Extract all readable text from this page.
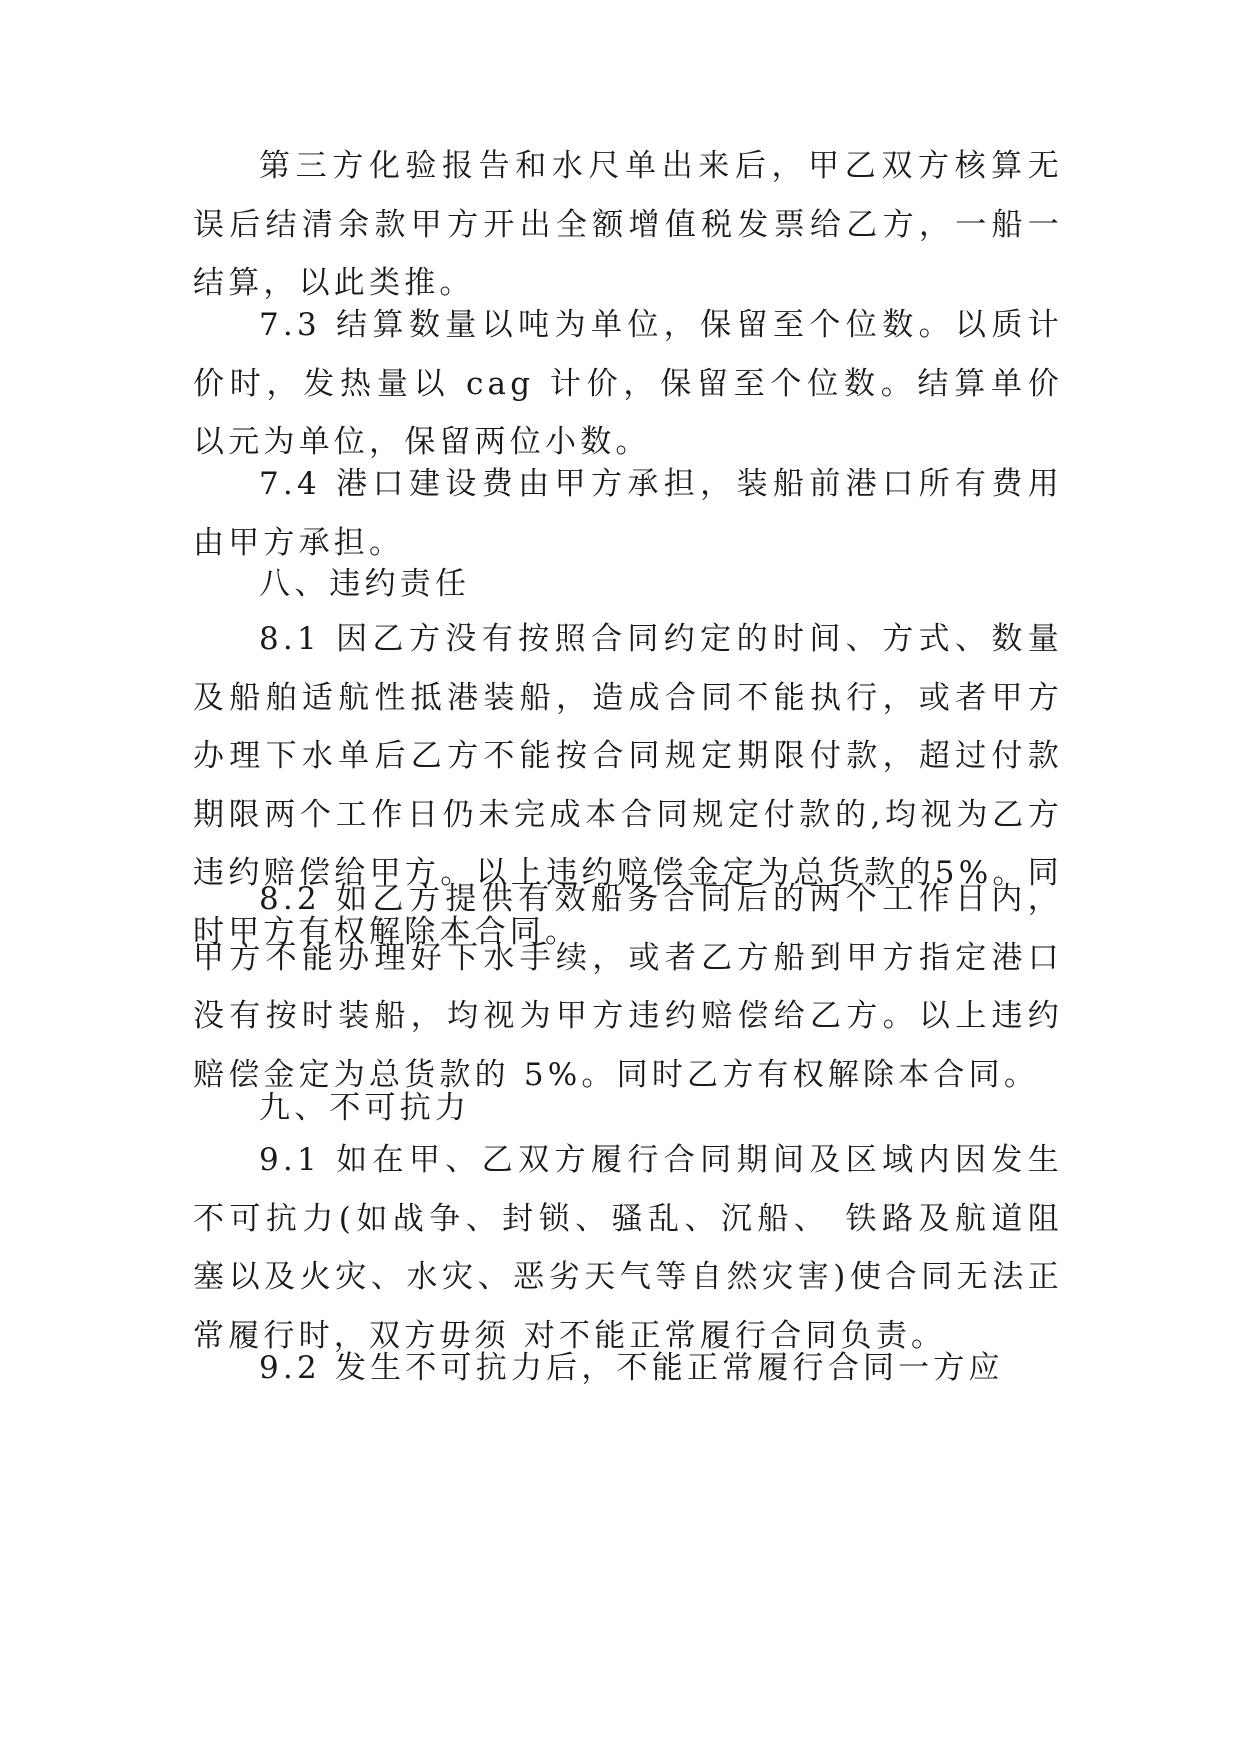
第三方化验报告和水尺单出来后，甲乙双方核算无误后结清余款甲方开出全额增值税发票给乙方，一船一结算，以此类推。

7.3 结算数量以吨为单位，保留至个位数。以质计价时，发热量以 cag 计价，保留至个位数。结算单价以元为单位，保留两位小数。

7.4 港口建设费由甲方承担，装船前港口所有费用由甲方承担。

八、违约责任

8.1 因乙方没有按照合同约定的时间、方式、数量及船舶适航性抵港装船，造成合同不能执行，或者甲方办理下水单后乙方不能按合同规定期限付款，超过付款期限两个工作日仍未完成本合同规定付款的,均视为乙方违约赔偿给甲方。以上违约赔偿金定为总货款的5%。同时甲方有权解除本合同。

8.2 如乙方提供有效船务合同后的两个工作日内，甲方不能办理好下水手续，或者乙方船到甲方指定港口没有按时装船，均视为甲方违约赔偿给乙方。以上违约赔偿金定为总货款的 5%。同时乙方有权解除本合同。

九、不可抗力

9.1 如在甲、乙双方履行合同期间及区域内因发生不可抗力(如战争、封锁、骚乱、沉船、 铁路及航道阻塞以及火灾、水灾、恶劣天气等自然灾害)使合同无法正常履行时，双方毋须 对不能正常履行合同负责。

9.2 发生不可抗力后，不能正常履行合同一方应
